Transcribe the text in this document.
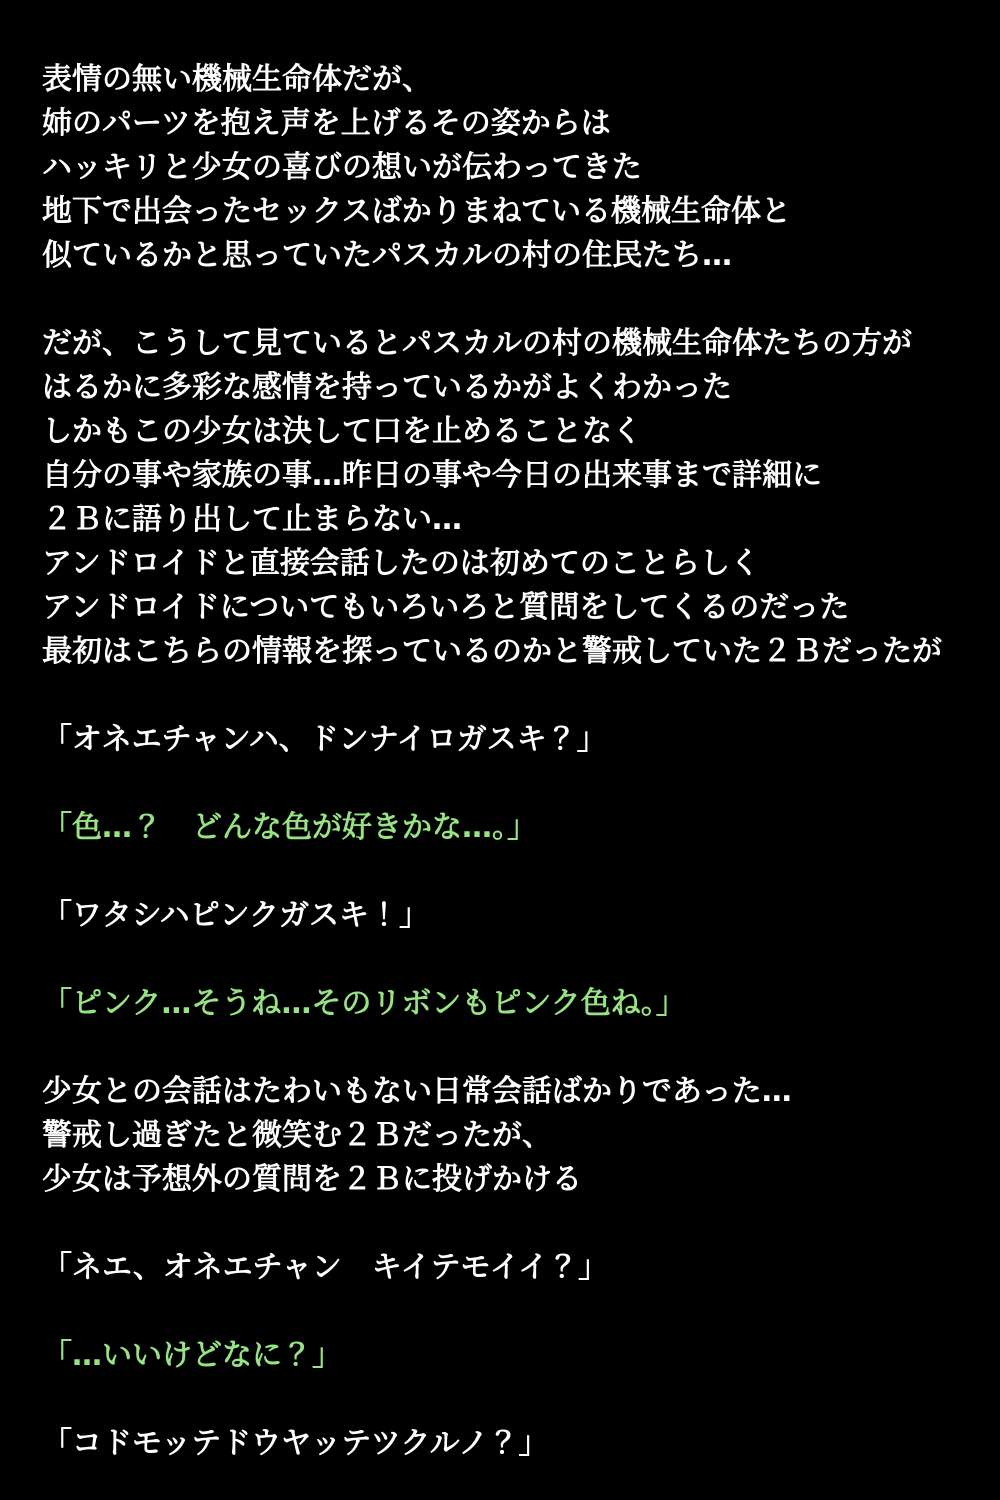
表情の無い機械生命体だが、

姉のパーツを抱え声を上げるその姿からは

ハッキリと少女の喜びの想いが伝わってきた

地下で出会ったセックスばかりまねている機械生命体と

似ているかと思っていたパスカルの村の住民たち…

だが、こうして見ているとパスカルの村の機械生命体たちの方が

はるかに多彩な感情を持っているかがよくわかった

しかもこの少女は決して口を止めることなく

自分の事や家族の事…昨日の事や今日の出来事まで詳細に

２Ｂに語り出して止まらない…

アンドロイドと直接会話したのは初めてのことらしく

アンドロイドについてもいろいろと質問をしてくるのだった

最初はこちらの情報を探っているのかと警戒していた２Ｂだったが

「オネエチャンハ、ドンナイロガスキ？」

「色…？　どんな色が好きかな…。」

「ワタシハピンクガスキ！」

「ピンク…そうね…そのリボンもピンク色ね。」

少女との会話はたわいもない日常会話ばかりであった…

警戒し過ぎたと微笑む２Ｂだったが、

少女は予想外の質問を２Ｂに投げかける

「ネエ、オネエチャン　キイテモイイ？」

「…いいけどなに？」

「コドモッテドウヤッテツクルノ？」
